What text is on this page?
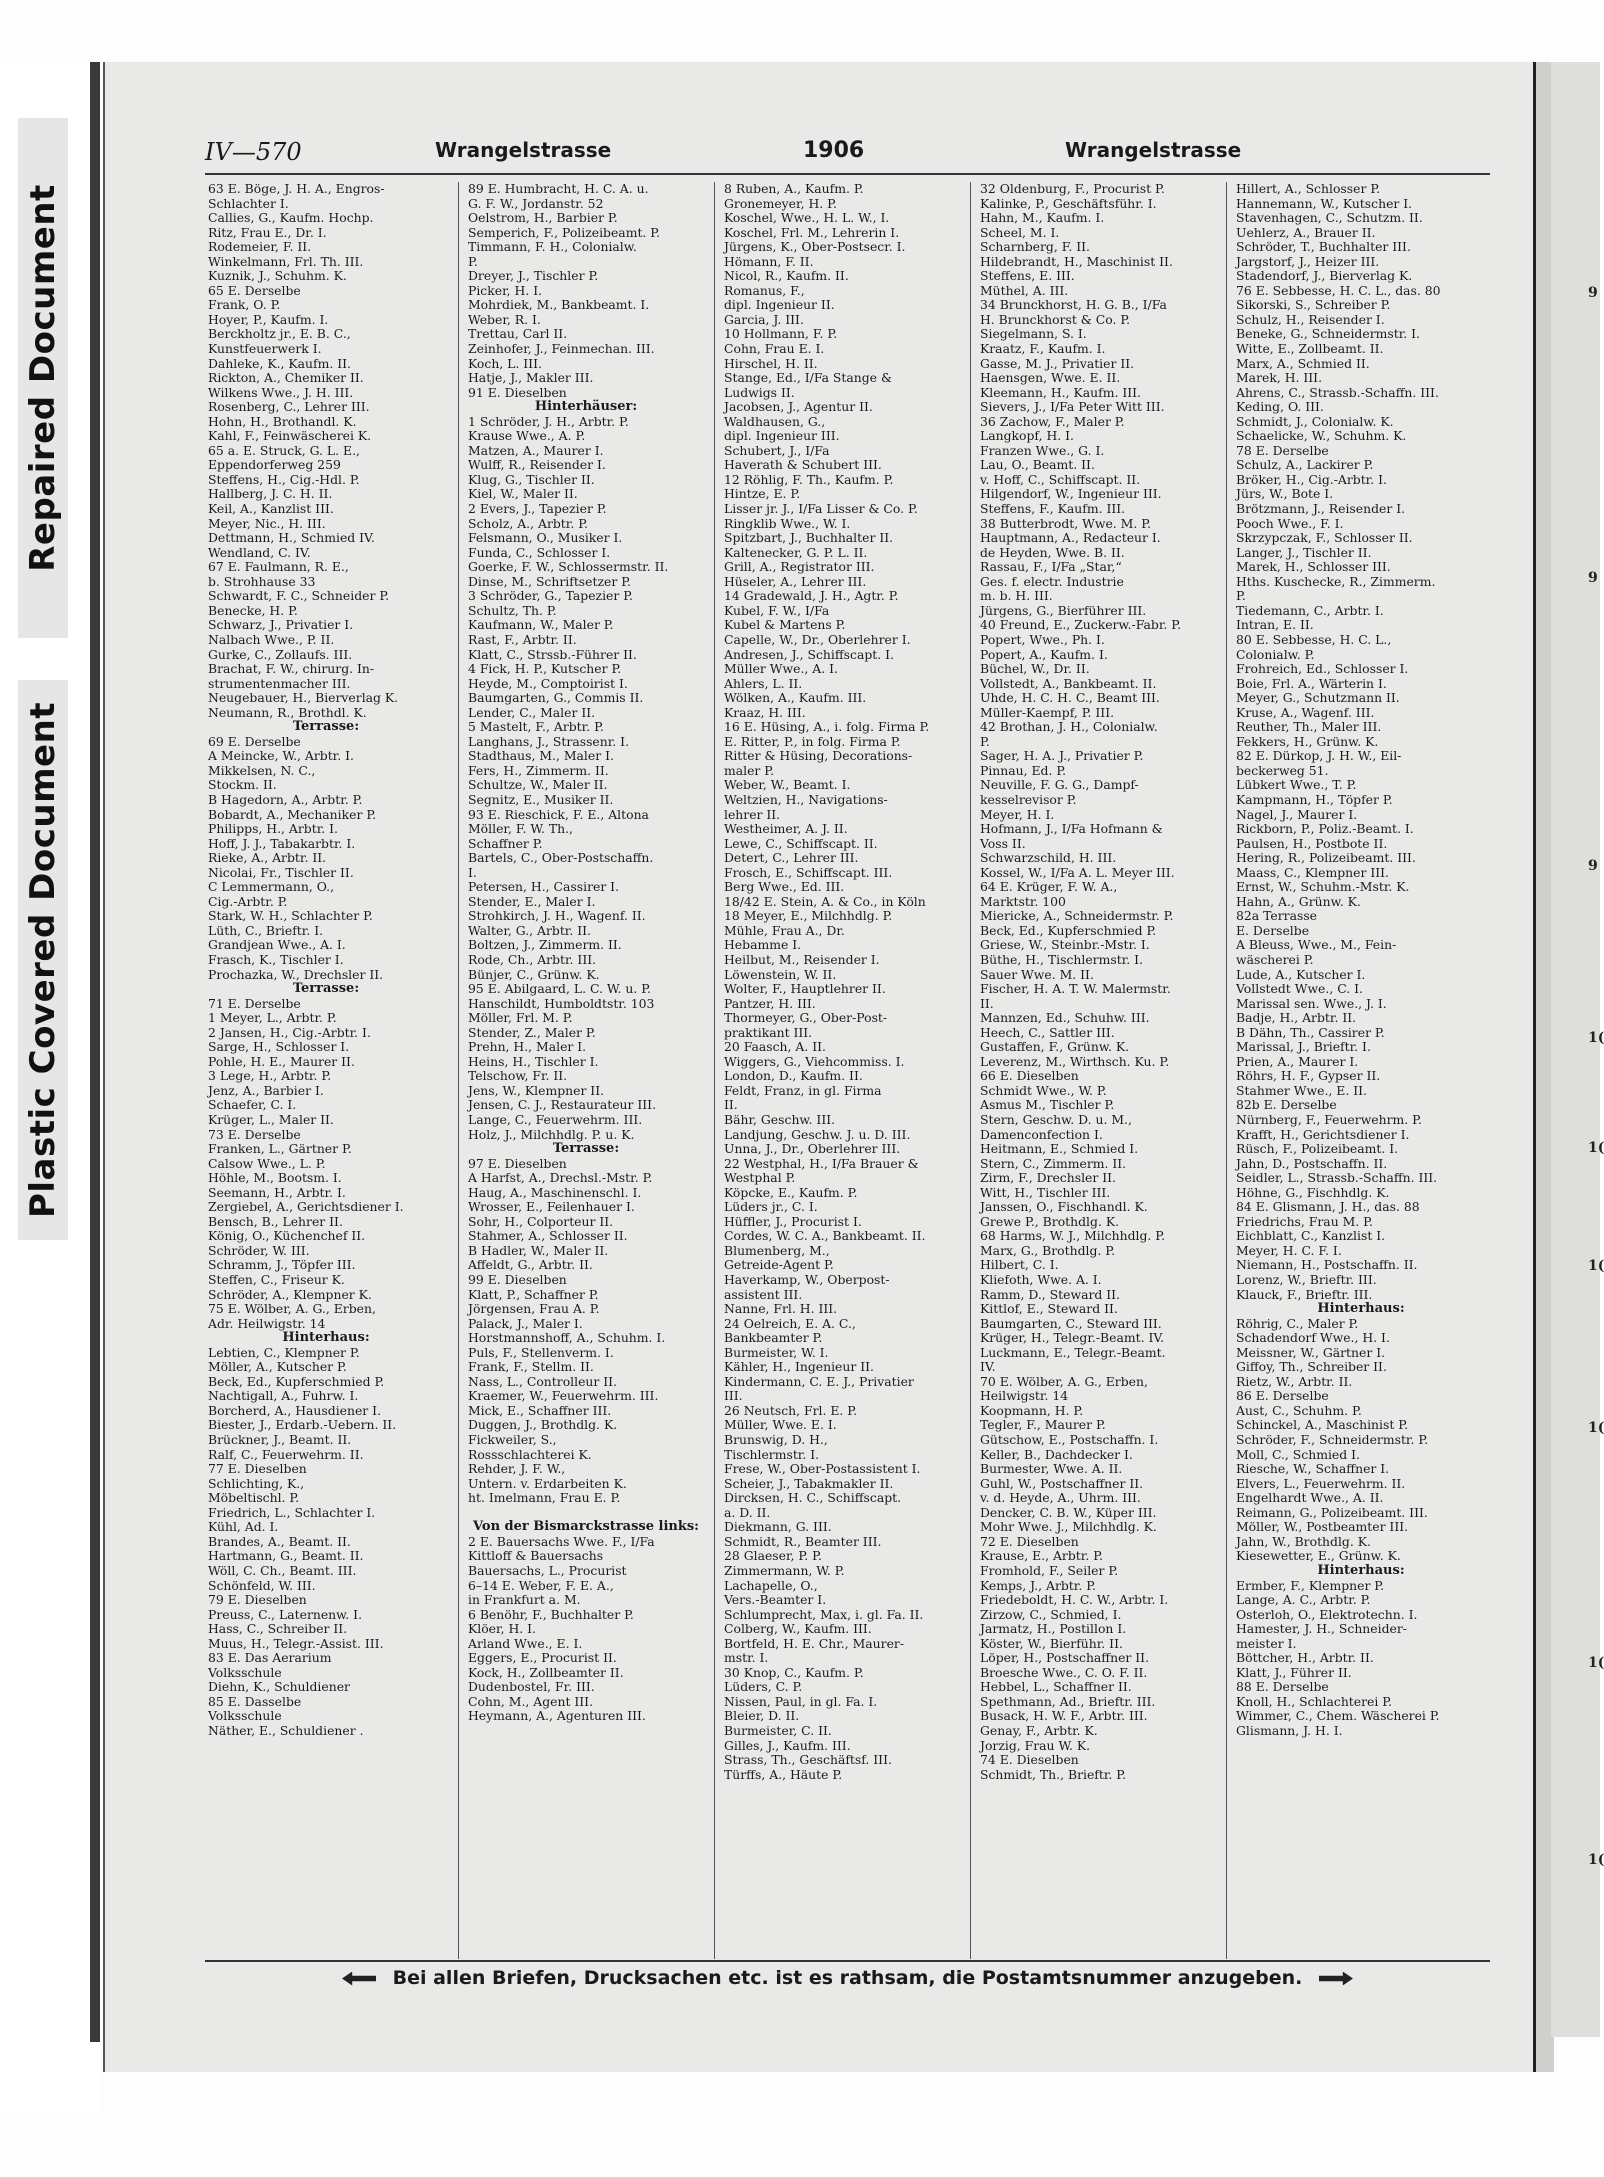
Repaired Document
Plastic Covered Document
9
9
9
1(
1(
1(
1(
1(
1(
IV—570	Wrangelstrasse	1906	Wrangelstrasse
63 E. Böge, J. H. A., Engros-
Schlachter I.
Callies, G., Kaufm. Hochp.
Ritz, Frau E., Dr. I.
Rodemeier, F. II.
Winkelmann, Frl. Th. III.
Kuznik, J., Schuhm. K.
65 E. Derselbe
Frank, O. P.
Hoyer, P., Kaufm. I.
Berckholtz jr., E. B. C.,
Kunstfeuerwerk I.
Dahleke, K., Kaufm. II.
Rickton, A., Chemiker II.
Wilkens Wwe., J. H. III.
Rosenberg, C., Lehrer III.
Hohn, H., Brothandl. K.
Kahl, F., Feinwäscherei K.
65 a. E. Struck, G. L. E.,
Eppendorferweg 259
Steffens, H., Cig.-Hdl. P.
Hallberg, J. C. H. II.
Keil, A., Kanzlist III.
Meyer, Nic., H. III.
Dettmann, H., Schmied IV.
Wendland, C. IV.
67 E. Faulmann, R. E.,
b. Strohhause 33
Schwardt, F. C., Schneider P.
Benecke, H. P.
Schwarz, J., Privatier I.
Nalbach Wwe., P. II.
Gurke, C., Zollaufs. III.
Brachat, F. W., chirurg. In-
strumentenmacher III.
Neugebauer, H., Bierverlag K.
Neumann, R., Brothdl. K.
Terrasse:
69 E. Derselbe
A Meincke, W., Arbtr. I.
Mikkelsen, N. C.,
Stockm. II.
B Hagedorn, A., Arbtr. P.
Bobardt, A., Mechaniker P.
Philipps, H., Arbtr. I.
Hoff, J. J., Tabakarbtr. I.
Rieke, A., Arbtr. II.
Nicolai, Fr., Tischler II.
C Lemmermann, O.,
Cig.-Arbtr. P.
Stark, W. H., Schlachter P.
Lüth, C., Brieftr. I.
Grandjean Wwe., A. I.
Frasch, K., Tischler I.
Prochazka, W., Drechsler II.
Terrasse:
71 E. Derselbe
1 Meyer, L., Arbtr. P.
2 Jansen, H., Cig.-Arbtr. I.
Sarge, H., Schlosser I.
Pohle, H. E., Maurer II.
3 Lege, H., Arbtr. P.
Jenz, A., Barbier I.
Schaefer, C. I.
Krüger, L., Maler II.
73 E. Derselbe
Franken, L., Gärtner P.
Calsow Wwe., L. P.
Höhle, M., Bootsm. I.
Seemann, H., Arbtr. I.
Zergiebel, A., Gerichtsdiener I.
Bensch, B., Lehrer II.
König, O., Küchenchef II.
Schröder, W. III.
Schramm, J., Töpfer III.
Steffen, C., Friseur K.
Schröder, A., Klempner K.
75 E. Wölber, A. G., Erben,
Adr. Heilwigstr. 14
Hinterhaus:
Lebtien, C., Klempner P.
Möller, A., Kutscher P.
Beck, Ed., Kupferschmied P.
Nachtigall, A., Fuhrw. I.
Borcherd, A., Hausdiener I.
Biester, J., Erdarb.-Uebern. II.
Brückner, J., Beamt. II.
Ralf, C., Feuerwehrm. II.
77 E. Dieselben
Schlichting, K.,
Möbeltischl. P.
Friedrich, L., Schlachter I.
Kühl, Ad. I.
Brandes, A., Beamt. II.
Hartmann, G., Beamt. II.
Wöll, C. Ch., Beamt. III.
Schönfeld, W. III.
79 E. Dieselben
Preuss, C., Laternenw. I.
Hass, C., Schreiber II.
Muus, H., Telegr.-Assist. III.
83 E. Das Aerarium
Volksschule
Diehn, K., Schuldiener
85 E. Dasselbe
Volksschule
Näther, E., Schuldiener .
89 E. Humbracht, H. C. A. u.
G. F. W., Jordanstr. 52
Oelstrom, H., Barbier P.
Semperich, F., Polizeibeamt. P.
Timmann, F. H., Colonialw.
P.
Dreyer, J., Tischler P.
Picker, H. I.
Mohrdiek, M., Bankbeamt. I.
Weber, R. I.
Trettau, Carl II.
Zeinhofer, J., Feinmechan. III.
Koch, L. III.
Hatje, J., Makler III.
91 E. Dieselben
Hinterhäuser:
1 Schröder, J. H., Arbtr. P.
Krause Wwe., A. P.
Matzen, A., Maurer I.
Wulff, R., Reisender I.
Klug, G., Tischler II.
Kiel, W., Maler II.
2 Evers, J., Tapezier P.
Scholz, A., Arbtr. P.
Felsmann, O., Musiker I.
Funda, C., Schlosser I.
Goerke, F. W., Schlossermstr. II.
Dinse, M., Schriftsetzer P.
3 Schröder, G., Tapezier P.
Schultz, Th. P.
Kaufmann, W., Maler P.
Rast, F., Arbtr. II.
Klatt, C., Strssb.-Führer II.
4 Fick, H. P., Kutscher P.
Heyde, M., Comptoirist I.
Baumgarten, G., Commis II.
Lender, C., Maler II.
5 Mastelt, F., Arbtr. P.
Langhans, J., Strassenr. I.
Stadthaus, M., Maler I.
Fers, H., Zimmerm. II.
Schultze, W., Maler II.
Segnitz, E., Musiker II.
93 E. Rieschick, F. E., Altona
Möller, F. W. Th.,
Schaffner P.
Bartels, C., Ober-Postschaffn.
I.
Petersen, H., Cassirer I.
Stender, E., Maler I.
Strohkirch, J. H., Wagenf. II.
Walter, G., Arbtr. II.
Boltzen, J., Zimmerm. II.
Rode, Ch., Arbtr. III.
Bünjer, C., Grünw. K.
95 E. Abilgaard, L. C. W. u. P.
Hanschildt, Humboldtstr. 103
Möller, Frl. M. P.
Stender, Z., Maler P.
Prehn, H., Maler I.
Heins, H., Tischler I.
Telschow, Fr. II.
Jens, W., Klempner II.
Jensen, C. J., Restaurateur III.
Lange, C., Feuerwehrm. III.
Holz, J., Milchhdlg. P. u. K.
Terrasse:
97 E. Dieselben
A Harfst, A., Drechsl.-Mstr. P.
Haug, A., Maschinenschl. I.
Wrosser, E., Feilenhauer I.
Sohr, H., Colporteur II.
Stahmer, A., Schlosser II.
B Hadler, W., Maler II.
Affeldt, G., Arbtr. II.
99 E. Dieselben
Klatt, P., Schaffner P.
Jörgensen, Frau A. P.
Palack, J., Maler I.
Horstmannshoff, A., Schuhm. I.
Puls, F., Stellenverm. I.
Frank, F., Stellm. II.
Nass, L., Controlleur II.
Kraemer, W., Feuerwehrm. III.
Mick, E., Schaffner III.
Duggen, J., Brothdlg. K.
Fickweiler, S.,
Rossschlachterei K.
Rehder, J. F. W.,
Untern. v. Erdarbeiten K.
ht. Imelmann, Frau E. P.
Von der Bismarckstrasse links:
2 E. Bauersachs Wwe. F., I/Fa
Kittloff & Bauersachs
Bauersachs, L., Procurist
6–14 E. Weber, F. E. A.,
in Frankfurt a. M.
6 Benöhr, F., Buchhalter P.
Klöer, H. I.
Arland Wwe., E. I.
Eggers, E., Procurist II.
Kock, H., Zollbeamter II.
Dudenbostel, Fr. III.
Cohn, M., Agent III.
Heymann, A., Agenturen III.
8 Ruben, A., Kaufm. P.
Gronemeyer, H. P.
Koschel, Wwe., H. L. W., I.
Koschel, Frl. M., Lehrerin I.
Jürgens, K., Ober-Postsecr. I.
Hömann, F. II.
Nicol, R., Kaufm. II.
Romanus, F.,
dipl. Ingenieur II.
Garcia, J. III.
10 Hollmann, F. P.
Cohn, Frau E. I.
Hirschel, H. II.
Stange, Ed., I/Fa Stange &
Ludwigs II.
Jacobsen, J., Agentur II.
Waldhausen, G.,
dipl. Ingenieur III.
Schubert, J., I/Fa
Haverath & Schubert III.
12 Röhlig, F. Th., Kaufm. P.
Hintze, E. P.
Lisser jr. J., I/Fa Lisser & Co. P.
Ringklib Wwe., W. I.
Spitzbart, J., Buchhalter II.
Kaltenecker, G. P. L. II.
Grill, A., Registrator III.
Hüseler, A., Lehrer III.
14 Gradewald, J. H., Agtr. P.
Kubel, F. W., I/Fa
Kubel & Martens P.
Capelle, W., Dr., Oberlehrer I.
Andresen, J., Schiffscapt. I.
Müller Wwe., A. I.
Ahlers, L. II.
Wölken, A., Kaufm. III.
Kraaz, H. III.
16 E. Hüsing, A., i. folg. Firma P.
E. Ritter, P., in folg. Firma P.
Ritter & Hüsing, Decorations-
maler P.
Weber, W., Beamt. I.
Weltzien, H., Navigations-
lehrer II.
Westheimer, A. J. II.
Lewe, C., Schiffscapt. II.
Detert, C., Lehrer III.
Frosch, E., Schiffscapt. III.
Berg Wwe., Ed. III.
18/42 E. Stein, A. & Co., in Köln
18 Meyer, E., Milchhdlg. P.
Mühle, Frau A., Dr.
Hebamme I.
Heilbut, M., Reisender I.
Löwenstein, W. II.
Wolter, F., Hauptlehrer II.
Pantzer, H. III.
Thormeyer, G., Ober-Post-
praktikant III.
20 Faasch, A. II.
Wiggers, G., Viehcommiss. I.
London, D., Kaufm. II.
Feldt, Franz, in gl. Firma
II.
Bähr, Geschw. III.
Landjung, Geschw. J. u. D. III.
Unna, J., Dr., Oberlehrer III.
22 Westphal, H., I/Fa Brauer &
Westphal P.
Köpcke, E., Kaufm. P.
Lüders jr., C. I.
Hüffler, J., Procurist I.
Cordes, W. C. A., Bankbeamt. II.
Blumenberg, M.,
Getreide-Agent P.
Haverkamp, W., Oberpost-
assistent III.
Nanne, Frl. H. III.
24 Oelreich, E. A. C.,
Bankbeamter P.
Burmeister, W. I.
Kähler, H., Ingenieur II.
Kindermann, C. E. J., Privatier
III.
26 Neutsch, Frl. E. P.
Müller, Wwe. E. I.
Brunswig, D. H.,
Tischlermstr. I.
Frese, W., Ober-Postassistent I.
Scheier, J., Tabakmakler II.
Dircksen, H. C., Schiffscapt.
a. D. II.
Diekmann, G. III.
Schmidt, R., Beamter III.
28 Glaeser, P. P.
Zimmermann, W. P.
Lachapelle, O.,
Vers.-Beamter I.
Schlumprecht, Max, i. gl. Fa. II.
Colberg, W., Kaufm. III.
Bortfeld, H. E. Chr., Maurer-
mstr. I.
30 Knop, C., Kaufm. P.
Lüders, C. P.
Nissen, Paul, in gl. Fa. I.
Bleier, D. II.
Burmeister, C. II.
Gilles, J., Kaufm. III.
Strass, Th., Geschäftsf. III.
Türffs, A., Häute P.
32 Oldenburg, F., Procurist P.
Kalinke, P., Geschäftsführ. I.
Hahn, M., Kaufm. I.
Scheel, M. I.
Scharnberg, F. II.
Hildebrandt, H., Maschinist II.
Steffens, E. III.
Müthel, A. III.
34 Brunckhorst, H. G. B., I/Fa
H. Brunckhorst & Co. P.
Siegelmann, S. I.
Kraatz, F., Kaufm. I.
Gasse, M. J., Privatier II.
Haensgen, Wwe. E. II.
Kleemann, H., Kaufm. III.
Sievers, J., I/Fa Peter Witt III.
36 Zachow, F., Maler P.
Langkopf, H. I.
Franzen Wwe., G. I.
Lau, O., Beamt. II.
v. Hoff, C., Schiffscapt. II.
Hilgendorf, W., Ingenieur III.
Steffens, F., Kaufm. III.
38 Butterbrodt, Wwe. M. P.
Hauptmann, A., Redacteur I.
de Heyden, Wwe. B. II.
Rassau, F., I/Fa „Star,“
Ges. f. electr. Industrie
m. b. H. III.
Jürgens, G., Bierführer III.
40 Freund, E., Zuckerw.-Fabr. P.
Popert, Wwe., Ph. I.
Popert, A., Kaufm. I.
Büchel, W., Dr. II.
Vollstedt, A., Bankbeamt. II.
Uhde, H. C. H. C., Beamt III.
Müller-Kaempf, P. III.
42 Brothan, J. H., Colonialw.
P.
Sager, H. A. J., Privatier P.
Pinnau, Ed. P.
Neuville, F. G. G., Dampf-
kesselrevisor P.
Meyer, H. I.
Hofmann, J., I/Fa Hofmann &
Voss II.
Schwarzschild, H. III.
Kossel, W., I/Fa A. L. Meyer III.
64 E. Krüger, F. W. A.,
Marktstr. 100
Mierickе, A., Schneidermstr. P.
Beck, Ed., Kupferschmied P.
Griese, W., Steinbr.-Mstr. I.
Büthe, H., Tischlermstr. I.
Sauer Wwe. M. II.
Fischer, H. A. T. W. Malermstr.
II.
Mannzen, Ed., Schuhw. III.
Heech, C., Sattler III.
Gustaffen, F., Grünw. K.
Leverenz, M., Wirthsch. Ku. P.
66 E. Dieselben
Schmidt Wwe., W. P.
Asmus M., Tischler P.
Stern, Geschw. D. u. M.,
Damenconfection I.
Heitmann, E., Schmied I.
Stern, C., Zimmerm. II.
Zirm, F., Drechsler II.
Witt, H., Tischler III.
Janssen, O., Fischhandl. K.
Grewe P., Brothdlg. K.
68 Harms, W. J., Milchhdlg. P.
Marx, G., Brothdlg. P.
Hilbert, C. I.
Kliefoth, Wwe. A. I.
Ramm, D., Steward II.
Kittlof, E., Steward II.
Baumgarten, C., Steward III.
Krüger, H., Telegr.-Beamt. IV.
Luckmann, E., Telegr.-Beamt.
IV.
70 E. Wölber, A. G., Erben,
Heilwigstr. 14
Koopmann, H. P.
Tegler, F., Maurer P.
Gütschow, E., Postschaffn. I.
Keller, B., Dachdecker I.
Burmester, Wwe. A. II.
Guhl, W., Postschaffner II.
v. d. Heyde, A., Uhrm. III.
Dencker, C. B. W., Küper III.
Mohr Wwe. J., Milchhdlg. K.
72 E. Dieselben
Krause, E., Arbtr. P.
Fromhold, F., Seiler P.
Kemps, J., Arbtr. P.
Friedeboldt, H. C. W., Arbtr. I.
Zirzow, C., Schmied, I.
Jarmatz, H., Postillon I.
Köster, W., Bierführ. II.
Löper, H., Postschaffner II.
Broesche Wwe., C. O. F. II.
Hebbel, L., Schaffner II.
Spethmann, Ad., Brieftr. III.
Busack, H. W. F., Arbtr. III.
Genay, F., Arbtr. K.
Jorzig, Frau W. K.
74 E. Dieselben
Schmidt, Th., Brieftr. P.
Hillert, A., Schlosser P.
Hannemann, W., Kutscher I.
Stavenhagen, C., Schutzm. II.
Uehlerz, A., Brauer II.
Schröder, T., Buchhalter III.
Jargstorf, J., Heizer III.
Stadendorf, J., Bierverlag K.
76 E. Sebbesse, H. C. L., das. 80
Sikorski, S., Schreiber P.
Schulz, H., Reisender I.
Beneke, G., Schneidermstr. I.
Witte, E., Zollbeamt. II.
Marx, A., Schmied II.
Marek, H. III.
Ahrens, C., Strassb.-Schaffn. III.
Keding, O. III.
Schmidt, J., Colonialw. K.
Schaelicke, W., Schuhm. K.
78 E. Derselbe
Schulz, A., Lackirer P.
Bröker, H., Cig.-Arbtr. I.
Jürs, W., Bote I.
Brötzmann, J., Reisender I.
Pooch Wwe., F. I.
Skrzypczak, F., Schlosser II.
Langer, J., Tischler II.
Marek, H., Schlosser III.
Hths. Kuscheckе, R., Zimmerm.
P.
Tiedemann, C., Arbtr. I.
Intran, E. II.
80 E. Sebbesse, H. C. L.,
Colonialw. P.
Frohreich, Ed., Schlosser I.
Boie, Frl. A., Wärterin I.
Meyer, G., Schutzmann II.
Kruse, A., Wagenf. III.
Reuther, Th., Maler III.
Fekkers, H., Grünw. K.
82 E. Dürkop, J. H. W., Eil-
beckerweg 51.
Lübkert Wwe., T. P.
Kampmann, H., Töpfer P.
Nagel, J., Maurer I.
Rickborn, P., Poliz.-Beamt. I.
Paulsen, H., Postbote II.
Hering, R., Polizeibeamt. III.
Maass, C., Klempner III.
Ernst, W., Schuhm.-Mstr. K.
Hahn, A., Grünw. K.
82a Terrasse
E. Derselbe
A Bleuss, Wwe., M., Fein-
wäscherei P.
Lude, A., Kutscher I.
Vollstedt Wwe., C. I.
Marissal sen. Wwe., J. I.
Badje, H., Arbtr. II.
B Dähn, Th., Cassirer P.
Marissal, J., Brieftr. I.
Prien, A., Maurer I.
Röhrs, H. F., Gypser II.
Stahmer Wwe., E. II.
82b E. Derselbe
Nürnberg, F., Feuerwehrm. P.
Krafft, H., Gerichtsdiener I.
Rüsch, F., Polizeibeamt. I.
Jahn, D., Postschaffn. II.
Seidler, L., Strassb.-Schaffn. III.
Höhne, G., Fischhdlg. K.
84 E. Glismann, J. H., das. 88
Friedrichs, Frau M. P.
Eichblatt, C., Kanzlist I.
Meyer, H. C. F. I.
Niemann, H., Postschaffn. II.
Lorenz, W., Brieftr. III.
Klauck, F., Brieftr. III.
Hinterhaus:
Röhrig, C., Maler P.
Schadendorf Wwe., H. I.
Meissner, W., Gärtner I.
Giffoy, Th., Schreiber II.
Rietz, W., Arbtr. II.
86 E. Derselbe
Aust, C., Schuhm. P.
Schinckel, A., Maschinist P.
Schröder, F., Schneidermstr. P.
Moll, C., Schmied I.
Riesche, W., Schaffner I.
Elvers, L., Feuerwehrm. II.
Engelhardt Wwe., A. II.
Reimann, G., Polizeibeamt. III.
Möller, W., Postbeamter III.
Jahn, W., Brothdlg. K.
Kiesewetter, E., Grünw. K.
Hinterhaus:
Ermber, F., Klempner P.
Lange, A. C., Arbtr. P.
Osterloh, O., Elektrotechn. I.
Hamester, J. H., Schneider-
meister I.
Böttcher, H., Arbtr. II.
Klatt, J., Führer II.
88 E. Derselbe
Knoll, H., Schlachterei P.
Wimmer, C., Chem. Wäscherei P.
Glismann, J. H. I.
Bei allen Briefen, Drucksachen etc. ist es rathsam, die Postamtsnummer anzugeben.
